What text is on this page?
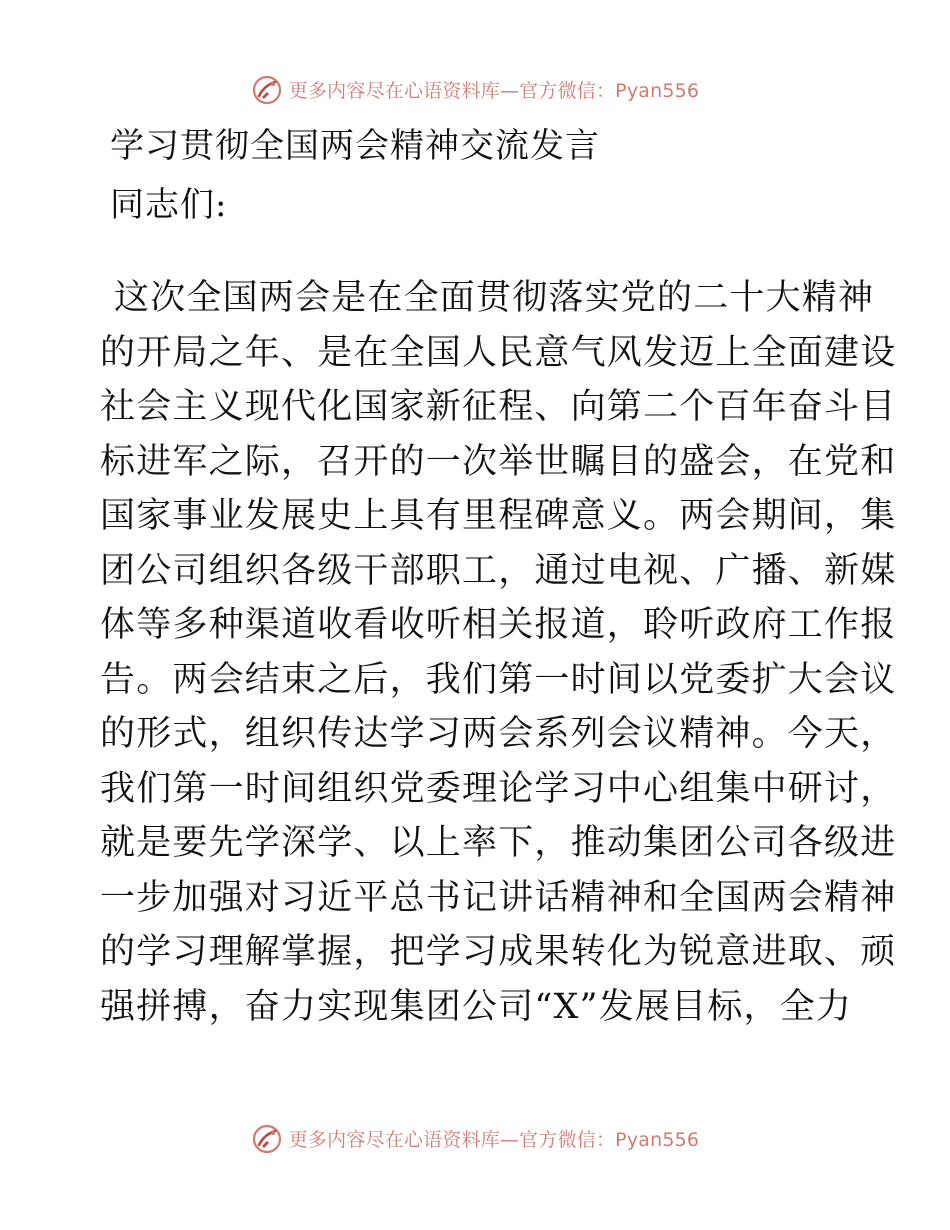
更多内容尽在心语资料库—官方微信：Pyan556
学习贯彻全国两会精神交流发言
同志们:
这次全国两会是在全面贯彻落实党的二十大精神
的开局之年、是在全国人民意气风发迈上全面建设
社会主义现代化国家新征程、向第二个百年奋斗目
标进军之际，召开的一次举世瞩目的盛会，在党和
国家事业发展史上具有里程碑意义。两会期间，集
团公司组织各级干部职工，通过电视、广播、新媒
体等多种渠道收看收听相关报道，聆听政府工作报
告。两会结束之后，我们第一时间以党委扩大会议
的形式，组织传达学习两会系列会议精神。今天，
我们第一时间组织党委理论学习中心组集中研讨，
就是要先学深学、以上率下，推动集团公司各级进
一步加强对习近平总书记讲话精神和全国两会精神
的学习理解掌握，把学习成果转化为锐意进取、顽
强拼搏，奋力实现集团公司“X”发展目标，全力
更多内容尽在心语资料库—官方微信：Pyan556
